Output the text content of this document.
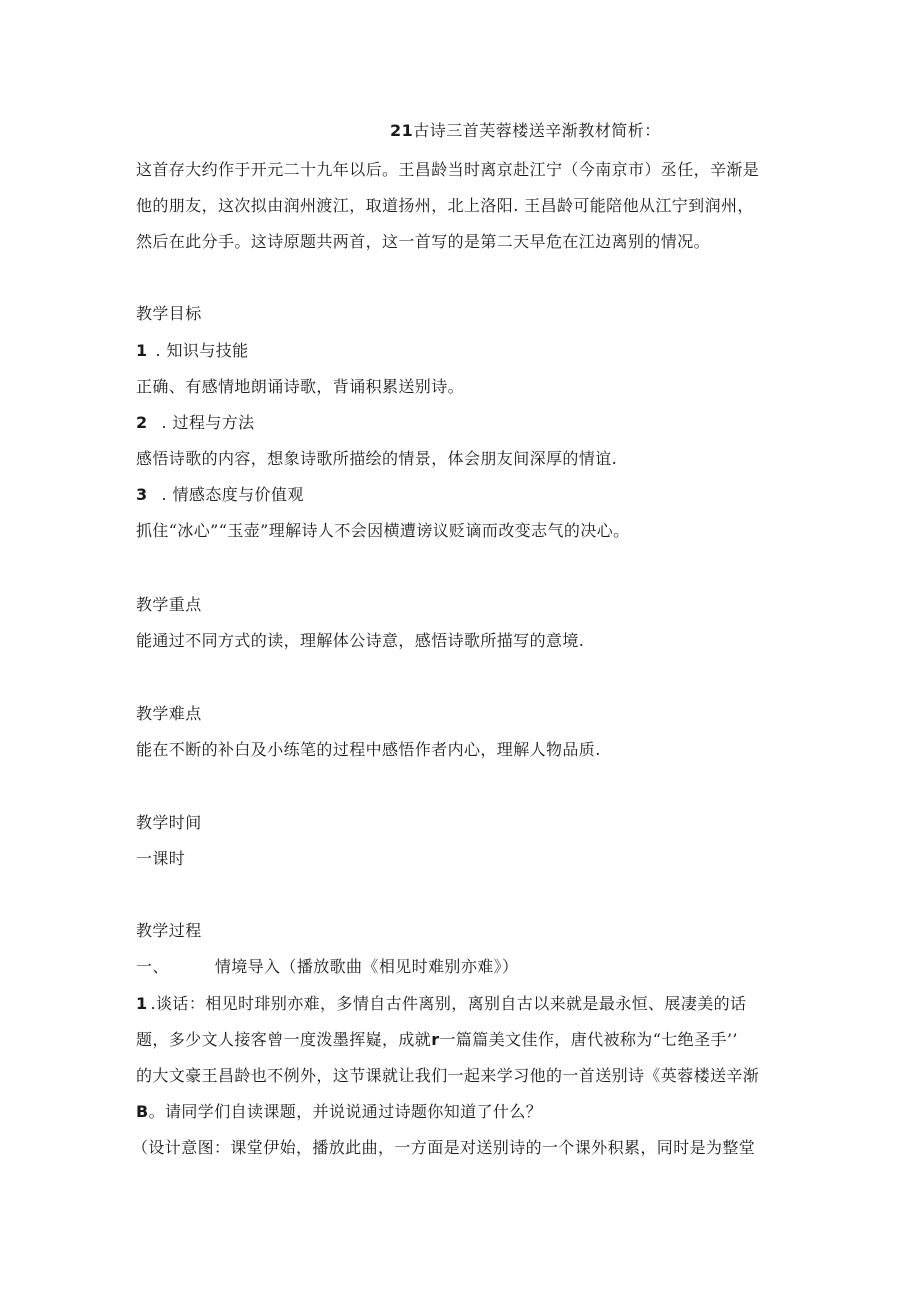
21古诗三首芙蓉楼送辛渐教材简析：
这首存大约作于开元二十九年以后。王昌龄当时离京赴江宁（今南京市）丞任，辛渐是
他的朋友，这次拟由润州渡江，取道扬州，北上洛阳. 王昌龄可能陪他从江宁到润州，
然后在此分手。这诗原题共两首，这一首写的是第二天早危在江边离别的情况。
教学目标
1 . 知识与技能
正确、有感情地朗诵诗歌，背诵积累送别诗。
2 . 过程与方法
感悟诗歌的内容，想象诗歌所描绘的情景，体会朋友间深厚的情谊.
3 . 情感态度与价值观
抓住“冰心”“玉壶”理解诗人不会因横遭谤议贬谪而改变志气的决心。
教学重点
能通过不同方式的读，理解体公诗意，感悟诗歌所描写的意境.
教学难点
能在不断的补白及小练笔的过程中感悟作者内心，理解人物品质.
教学时间
一课时
教学过程
一、	情境导入（播放歌曲《相见时难别亦难》）
1 .谈话：相见时琲别亦难，多情自古件离别，离别自古以来就是最永恒、展凄美的话
题，多少文人接客曾一度泼墨挥嶷，成就r一篇篇美文佳作，唐代被称为“七绝圣手’’
的大文豪王昌龄也不例外，这节课就让我们一起来学习他的一首送别诗《英蓉楼送辛渐
B。请同学们自读课题，并说说通过诗题你知道了什么？
（设计意图：课堂伊始，播放此曲，一方面是对送别诗的一个课外积累，同时是为整堂
